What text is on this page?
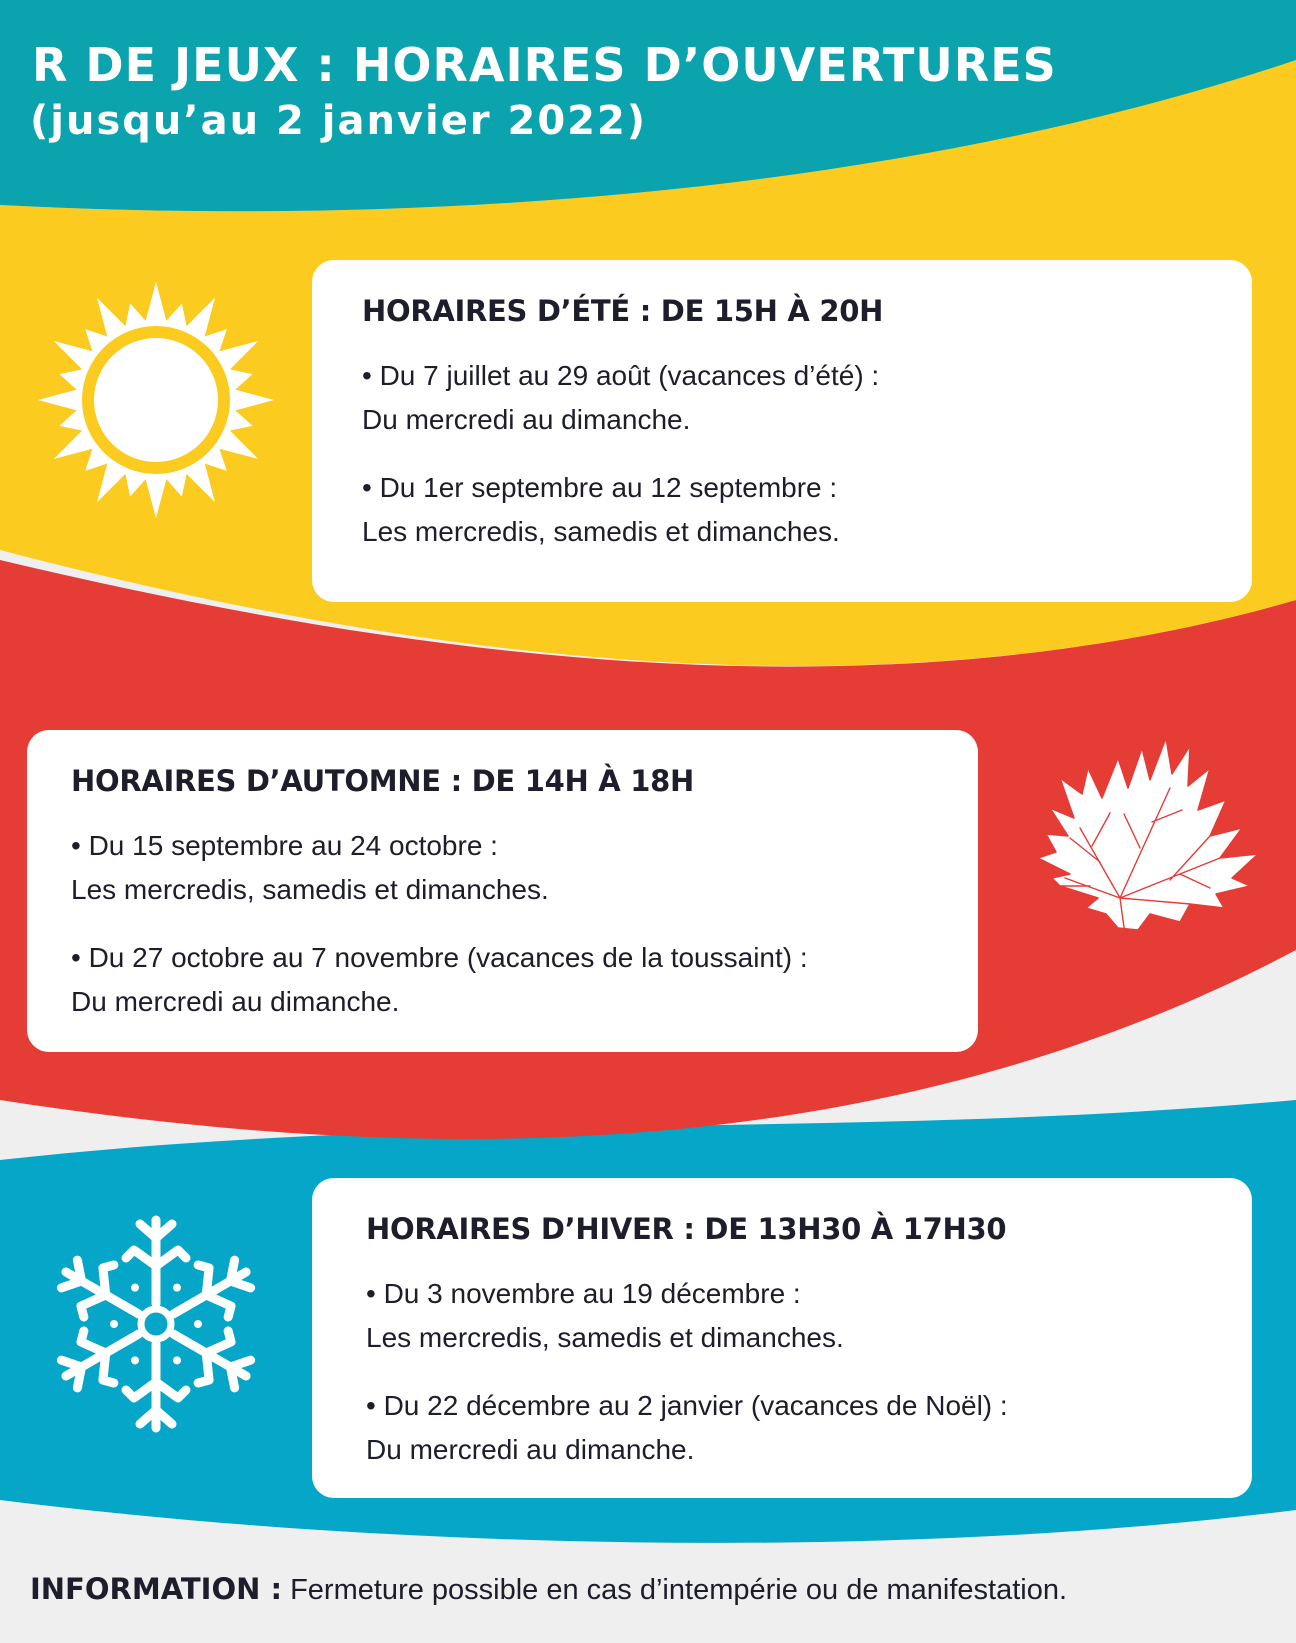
R DE JEUX : HORAIRES D’OUVERTURES

(jusqu’au 2 janvier 2022)

HORAIRES D’ÉTÉ : DE 15H À 20H

• Du 7 juillet au 29 août (vacances d’été) :

Du mercredi au dimanche.

• Du 1er septembre au 12 septembre :

Les mercredis, samedis et dimanches.

HORAIRES D’AUTOMNE : DE 14H À 18H

• Du 15 septembre au 24 octobre :

Les mercredis, samedis et dimanches.

• Du 27 octobre au 7 novembre (vacances de la toussaint) :

Du mercredi au dimanche.

HORAIRES D’HIVER : DE 13H30 À 17H30

• Du 3 novembre au 19 décembre :

Les mercredis, samedis et dimanches.

• Du 22 décembre au 2 janvier (vacances de Noël) :

Du mercredi au dimanche.

INFORMATION : Fermeture possible en cas d’intempérie ou de manifestation.
